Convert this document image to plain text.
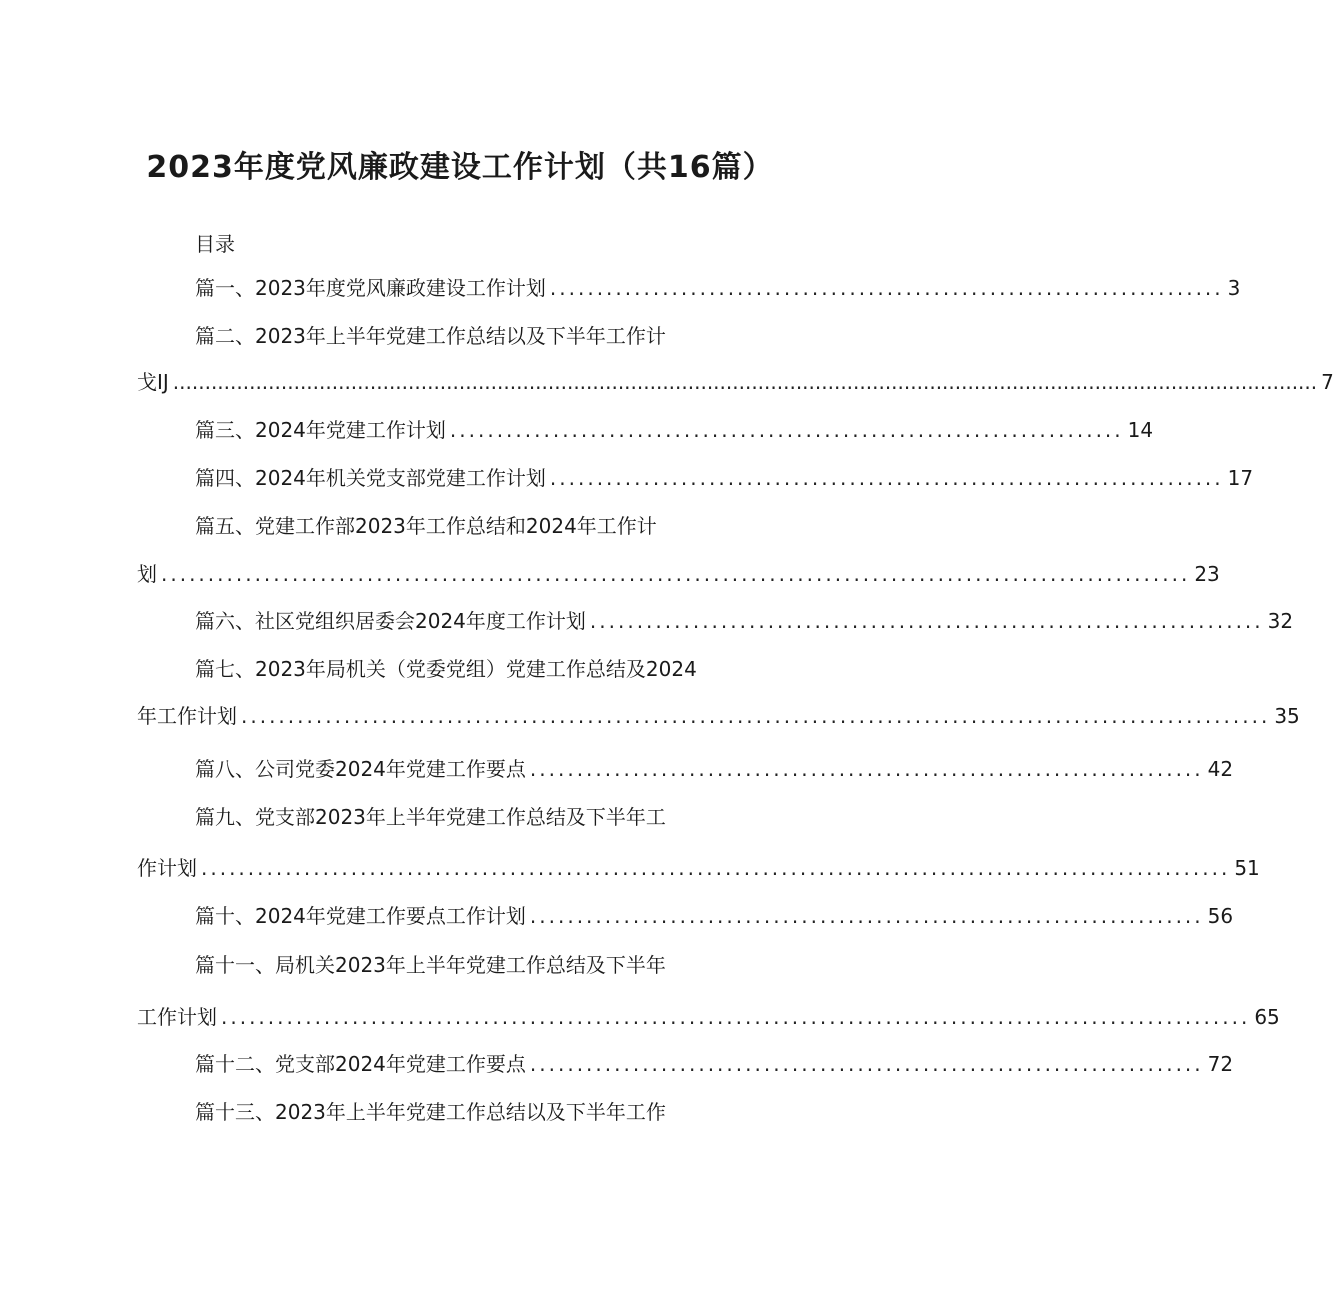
2023年度党风廉政建设工作计划（共16篇）
目录
篇一、2023年度党风廉政建设工作计划 ........................................................................ 3
篇二、2023年上半年党建工作总结以及下半年工作计
戈IJ .................................................................................................................................................................................... 7
篇三、2024年党建工作计划 ........................................................................ 14
篇四、2024年机关党支部党建工作计划 ........................................................................ 17
篇五、党建工作部2023年工作总结和2024年工作计
划 .............................................................................................................. 23
篇六、社区党组织居委会2024年度工作计划 ........................................................................ 32
篇七、2023年局机关（党委党组）党建工作总结及2024
年工作计划 .............................................................................................................. 35
篇八、公司党委2024年党建工作要点 ........................................................................ 42
篇九、党支部2023年上半年党建工作总结及下半年工
作计划 .............................................................................................................. 51
篇十、2024年党建工作要点工作计划 ........................................................................ 56
篇十一、局机关2023年上半年党建工作总结及下半年
工作计划 .............................................................................................................. 65
篇十二、党支部2024年党建工作要点 ........................................................................ 72
篇十三、2023年上半年党建工作总结以及下半年工作
